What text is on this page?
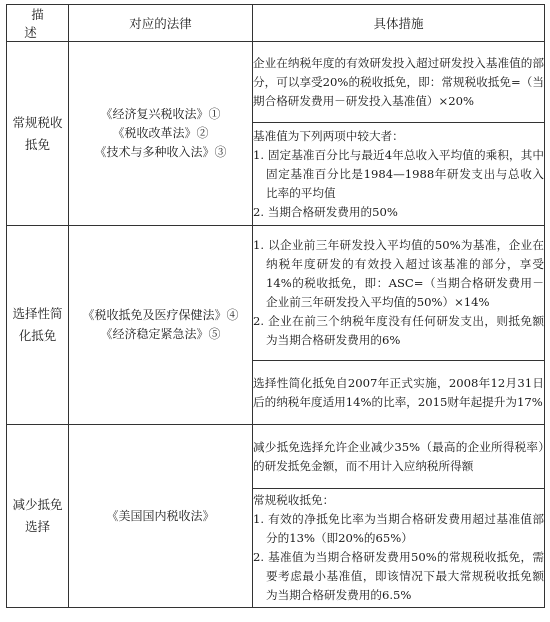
描述	对应的法律	具体措施

常规税收
抵免	《经济复兴税收法》①
《税收改革法》②
《技术与多种收入法》③	企业在纳税年度的有效研发投入超过研发投入基准值的部分，可以享受20%的税收抵免，即：常规税收抵免=（当期合格研发费用－研发投入基准值）×20%

		基准值为下列两项中较大者：
1. 固定基准百分比与最近4年总收入平均值的乘积，其中固定基准百分比是1984—1988年研发支出与总收入比率的平均值
2. 当期合格研发费用的50%

选择性简
化抵免	《税收抵免及医疗保健法》④
《经济稳定紧急法》⑤	1. 以企业前三年研发投入平均值的50%为基准，企业在纳税年度研发的有效投入超过该基准的部分，享受14%的税收抵免，即：ASC=（当期合格研发费用－企业前三年研发投入平均值的50%）×14%
2. 企业在前三个纳税年度没有任何研发支出，则抵免额为当期合格研发费用的6%

		选择性简化抵免自2007年正式实施，2008年12月31日后的纳税年度适用14%的比率，2015财年起提升为17%

减少抵免
选择	《美国国内税收法》	减少抵免选择允许企业减少35%（最高的企业所得税率）的研发抵免金额，而不用计入应纳税所得额

		常规税收抵免：
1. 有效的净抵免比率为当期合格研发费用超过基准值部分的13%（即20%的65%）
2. 基准值为当期合格研发费用50%的常规税收抵免，需要考虑最小基准值，即该情况下最大常规税收抵免额为当期合格研发费用的6.5%
